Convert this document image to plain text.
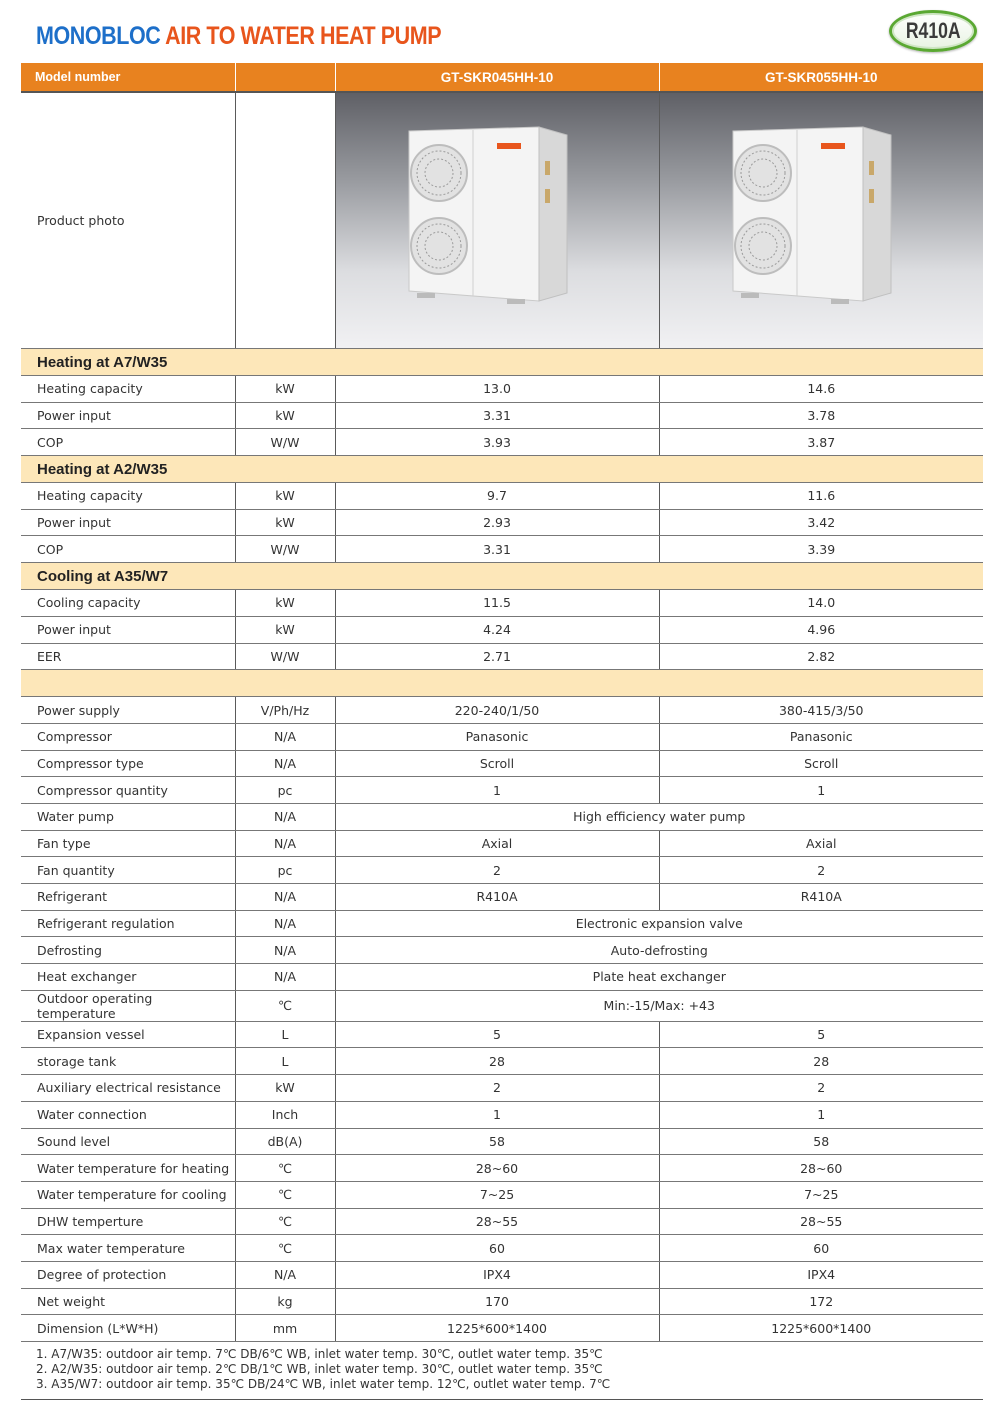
MONOBLOC AIR TO WATER HEAT PUMP	R410A
Model number		GT-SKR045HH-10	GT-SKR055HH-10
Product photo		

Heating at A7/W35			
Heating capacity	kW	13.0	14.6
Power input	kW	3.31	3.78
COP	W/W	3.93	3.87
Heating at A2/W35			
Heating capacity	kW	9.7	11.6
Power input	kW	2.93	3.42
COP	W/W	3.31	3.39
Cooling at A35/W7			
Cooling capacity	kW	11.5	14.0
Power input	kW	4.24	4.96
EER	W/W	2.71	2.82

Power supply	V/Ph/Hz	220-240/1/50	380-415/3/50
Compressor	N/A	Panasonic	Panasonic
Compressor type	N/A	Scroll	Scroll
Compressor quantity	pc	1	1
Water pump	N/A	High efficiency water pump	
Fan type	N/A	Axial	Axial
Fan quantity	pc	2	2
Refrigerant	N/A	R410A	R410A
Refrigerant regulation	N/A	Electronic expansion valve	
Defrosting	N/A	Auto-defrosting	
Heat exchanger	N/A	Plate heat exchanger	
Outdoor operating temperature	℃	Min:-15/Max: +43	
Expansion vessel	L	5	5
storage tank	L	28	28
Auxiliary electrical resistance	kW	2	2
Water connection	Inch	1	1
Sound level	dB(A)	58	58
Water temperature for heating	℃	28~60	28~60
Water temperature for cooling	℃	7~25	7~25
DHW temperture	℃	28~55	28~55
Max water temperature	℃	60	60
Degree of protection	N/A	IPX4	IPX4
Net weight	kg	170	172
Dimension (L*W*H)	mm	1225*600*1400	1225*600*1400
1. A7/W35: outdoor air temp. 7℃ DB/6℃ WB, inlet water temp. 30℃, outlet water temp. 35℃
2. A2/W35: outdoor air temp. 2℃ DB/1℃ WB, inlet water temp. 30℃, outlet water temp. 35℃
3. A35/W7: outdoor air temp. 35℃ DB/24℃ WB, inlet water temp. 12℃, outlet water temp. 7℃
